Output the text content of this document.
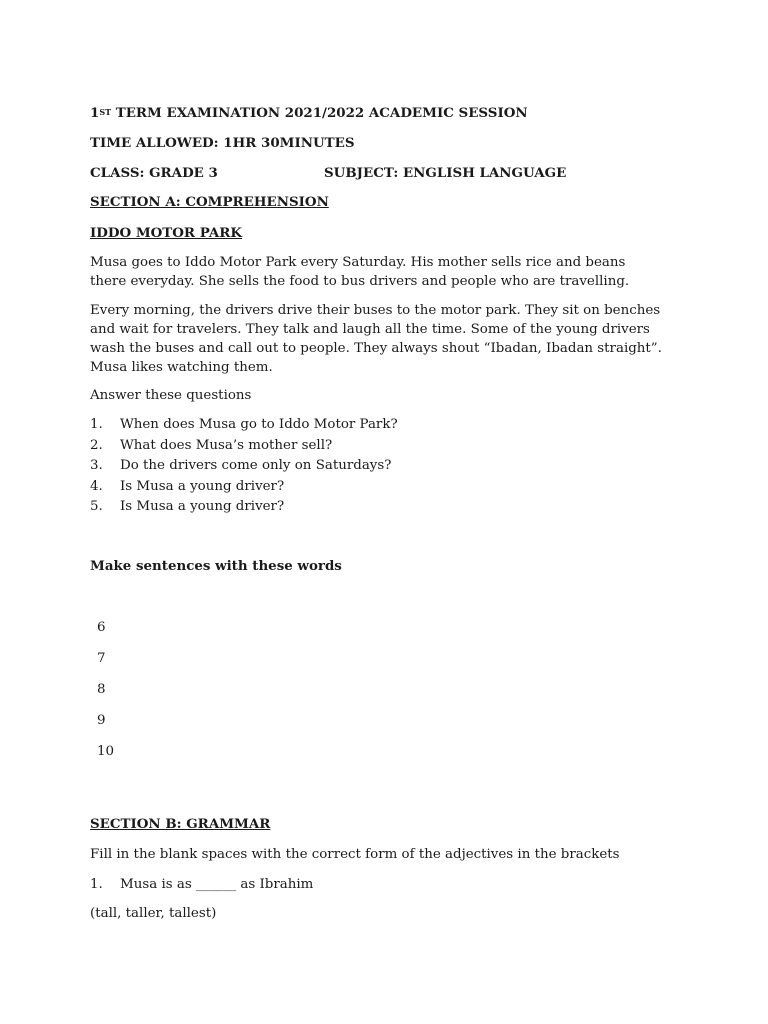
1ST TERM EXAMINATION 2021/2022 ACADEMIC SESSION
TIME ALLOWED: 1HR 30MINUTES
CLASS: GRADE 3	SUBJECT: ENGLISH LANGUAGE
SECTION A: COMPREHENSION
IDDO MOTOR PARK
Musa goes to Iddo Motor Park every Saturday. His mother sells rice and beans there everyday. She sells the food to bus drivers and people who are travelling.
Every morning, the drivers drive their buses to the motor park. They sit on benches and wait for travelers. They talk and laugh all the time. Some of the young drivers wash the buses and call out to people. They always shout “Ibadan, Ibadan straight”. Musa likes watching them.
Answer these questions
1. When does Musa go to Iddo Motor Park?
2. What does Musa’s mother sell?
3. Do the drivers come only on Saturdays?
4. Is Musa a young driver?
5. Is Musa a young driver?
Make sentences with these words
6
7
8
9
10
SECTION B: GRAMMAR
Fill in the blank spaces with the correct form of the adjectives in the brackets
1. Musa is as ______ as Ibrahim
(tall, taller, tallest)
